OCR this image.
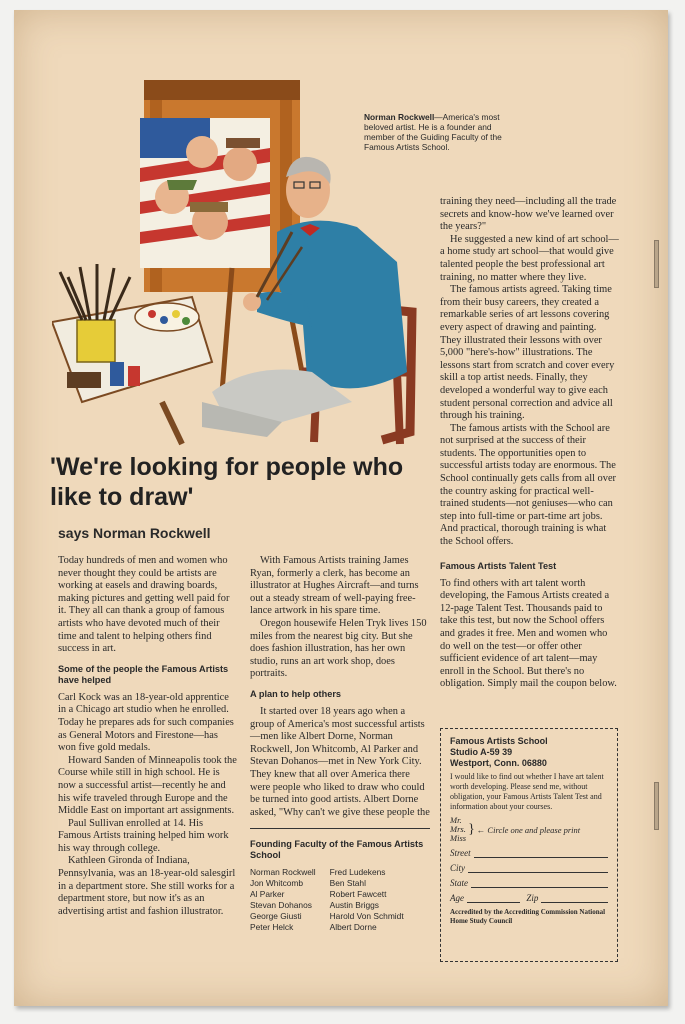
Norman Rockwell—America's most beloved artist. He is a founder and member of the Guiding Faculty of the Famous Artists School.
'We're looking for people who like to draw'
says Norman Rockwell

Today hundreds of men and women who never thought they could be artists are working at easels and drawing boards, making pictures and getting well paid for it. They all can thank a group of famous artists who have devoted much of their time and talent to helping others find success in art.

Some of the people the Famous Artists have helped

Carl Kock was an 18-year-old apprentice in a Chicago art studio when he enrolled. Today he prepares ads for such companies as General Motors and Firestone—has won five gold medals.

Howard Sanden of Minneapolis took the Course while still in high school. He is now a successful artist—recently he and his wife traveled through Europe and the Middle East on important art assignments.

Paul Sullivan enrolled at 14. His Famous Artists training helped him work his way through college.

Kathleen Gironda of Indiana, Pennsylvania, was an 18-year-old salesgirl in a department store. She still works for a department store, but now it's as an advertising artist and fashion illustrator.

With Famous Artists training James Ryan, formerly a clerk, has become an illustrator at Hughes Aircraft—and turns out a steady stream of well-paying free-lance artwork in his spare time.

Oregon housewife Helen Tryk lives 150 miles from the nearest big city. But she does fashion illustration, has her own studio, runs an art work shop, does portraits.

A plan to help others

It started over 18 years ago when a group of America's most successful artists—men like Albert Dorne, Norman Rockwell, Jon Whitcomb, Al Parker and Stevan Dohanos—met in New York City. They knew that all over America there were people who liked to draw who could be turned into good artists. Albert Dorne asked, "Why can't we give these people the

Founding Faculty of the Famous Artists School
Norman Rockwell	Fred Ludekens
Jon Whitcomb	Ben Stahl
Al Parker	Robert Fawcett
Stevan Dohanos	Austin Briggs
George Giusti	Harold Von Schmidt
Peter Helck	Albert Dorne

training they need—including all the trade secrets and know-how we've learned over the years?"

He suggested a new kind of art school—a home study art school—that would give talented people the best professional art training, no matter where they live.

The famous artists agreed. Taking time from their busy careers, they created a remarkable series of art lessons covering every aspect of drawing and painting. They illustrated their lessons with over 5,000 "here's-how" illustrations. The lessons start from scratch and cover every skill a top artist needs. Finally, they developed a wonderful way to give each student personal correction and advice all through his training.

The famous artists with the School are not surprised at the success of their students. The opportunities open to successful artists today are enormous. The School continually gets calls from all over the country asking for practical well-trained students—not geniuses—who can step into full-time or part-time art jobs. And practical, thorough training is what the School offers.

Famous Artists Talent Test

To find others with art talent worth developing, the Famous Artists created a 12-page Talent Test. Thousands paid to take this test, but now the School offers and grades it free. Men and women who do well on the test—or offer other sufficient evidence of art talent—may enroll in the School. But there's no obligation. Simply mail the coupon below.

Famous Artists School
Studio A-59 39
Westport, Conn. 06880
I would like to find out whether I have art talent worth developing. Please send me, without obligation, your Famous Artists Talent Test and information about your courses.
Mr.
Mrs.
Miss
} ← Circle one and please print
Street
City
State
Age	Zip
Accredited by the Accrediting Commission National Home Study Council
